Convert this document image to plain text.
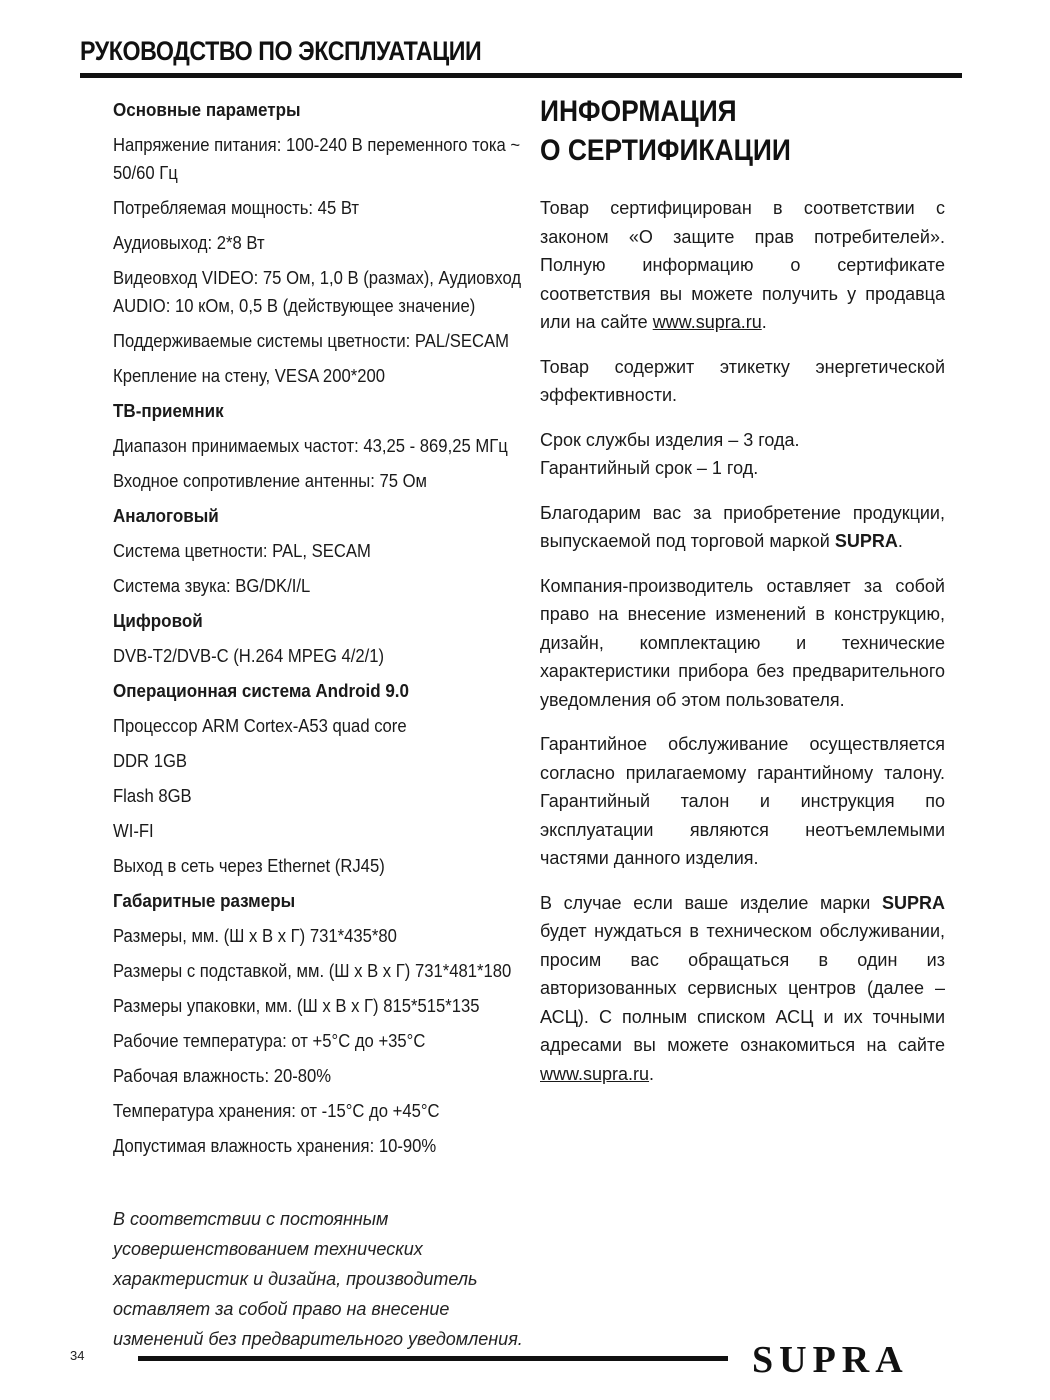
РУКОВОДСТВО ПО ЭКСПЛУАТАЦИИ
Основные параметры
Напряжение питания: 100-240 В переменного тока ~ 50/60 Гц
Потребляемая мощность: 45 Вт
Аудиовыход: 2*8 Вт
Видеовход VIDEO: 75 Ом, 1,0 В (размах), Аудиовход AUDIO: 10 кОм, 0,5 В (действующее значение)
Поддерживаемые системы цветности: PAL/SECAM
Крепление на стену, VESA 200*200
ТВ-приемник
Диапазон принимаемых частот: 43,25 - 869,25 МГц
Входное сопротивление антенны: 75 Ом
Аналоговый
Система цветности: PAL, SECAM
Система звука: BG/DK/I/L
Цифровой
DVB-T2/DVB-C (H.264 MPEG 4/2/1)
Операционная система Android 9.0
Процессор ARM Cortex-A53 quad core
DDR 1GB
Flash 8GB
WI-FI
Выход в сеть через Ethernet (RJ45)
Габаритные размеры
Размеры, мм. (Ш х В х Г) 731*435*80
Размеры с подставкой, мм. (Ш х В х Г) 731*481*180
Размеры упаковки, мм. (Ш х В х Г) 815*515*135
Рабочие температура: от +5°С до +35°С
Рабочая влажность: 20-80%
Температура хранения: от -15°С до +45°С
Допустимая влажность хранения: 10-90%
В соответствии с постоянным усовершенствованием технических характеристик и дизайна, производитель оставляет за собой право на внесение изменений без предварительного уведомления.
ИНФОРМАЦИЯ
О СЕРТИФИКАЦИИ

Товар сертифицирован в соответствии с законом «О защите прав потребителей». Полную информацию о сертификате соответствия вы можете получить у продавца или на сайте www.supra.ru.

Товар содержит этикетку энергетической эффективности.

Срок службы изделия – 3 года.
Гарантийный срок – 1 год.

Благодарим вас за приобретение продукции, выпускаемой под торговой маркой SUPRA.

Компания-производитель оставляет за собой право на внесение изменений в конструкцию, дизайн, комплектацию и технические характеристики прибора без предварительного уведомления об этом пользователя.

Гарантийное обслуживание осуществляется согласно прилагаемому гарантийному талону. Гарантийный талон и инструкция по эксплуатации являются неотъемлемыми частями данного изделия.

В случае если ваше изделие марки SUPRA будет нуждаться в техническом обслуживании, просим вас обращаться в один из авторизованных сервисных центров (далее – АСЦ). С полным списком АСЦ и их точными адресами вы можете ознакомиться на сайте www.supra.ru.

34	SUPRA
